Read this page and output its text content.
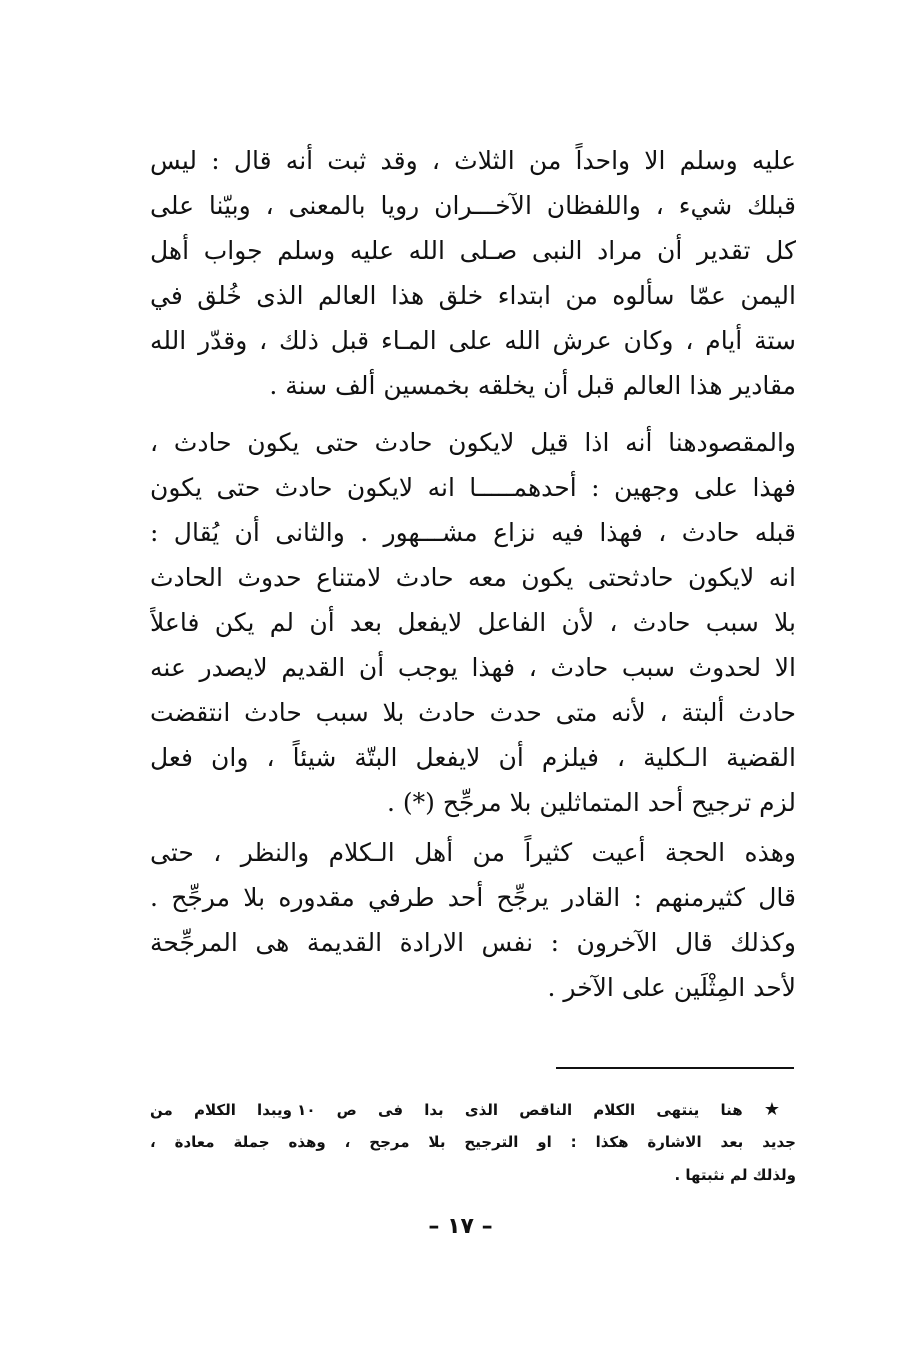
عليه وسلم الا واحداً من الثلاث ، وقد ثبت أنه قال : ليس
قبلك شيء ، واللفظان الآخـــران رويا بالمعنى ، وبيّنا على
كل تقدير أن مراد النبى صـلى الله عليه وسلم جواب أهل
اليمن عمّا سألوه من ابتداء خلق هذا العالم الذى خُلق في
ستة أيام ، وكان عرش الله على المـاء قبل ذلك ، وقدّر الله
مقادير هذا العالم قبل أن يخلقه بخمسين ألف سنة .
والمقصودهنا أنه اذا قيل لايكون حادث حتى يكون حادث ،
فهذا على وجهين : أحدهمـــــا انه لايكون حادث حتى يكون
قبله حادث ، فهذا فيه نزاع مشـــهور . والثانى أن يُقال :
انه لايكون حادثحتى يكون معه حادث لامتناع حدوث الحادث
بلا سبب حادث ، لأن الفاعل لايفعل بعد أن لم يكن فاعلاً
الا لحدوث سبب حادث ، فهذا يوجب أن القديم لايصدر عنه
حادث ألبتة ، لأنه متى حدث حادث بلا سبب حادث انتقضت
القضية الـكلية ، فيلزم أن لايفعل البتّة شيئاً ، وان فعل
لزم ترجيح أحد المتماثلين بلا مرجِّح (*) .
وهذه الحجة أعيت كثيراً من أهل الـكلام والنظر ، حتى
قال كثيرمنهم : القادر يرجِّح أحد طرفي مقدوره بلا مرجِّح .
وكذلك قال الآخرون : نفس الارادة القديمة هى المرجِّحة
لأحد المِثْلَين على الآخر .
★ هنا ينتهى الكلام الناقص الذى بدا فى ص ١٠ ويبدا الكلام من
جديد بعد الاشارة هكذا : او الترجيح بلا مرجح ، وهذه جملة معادة ،
ولذلك لم نثبتها .
– ١٧ –
